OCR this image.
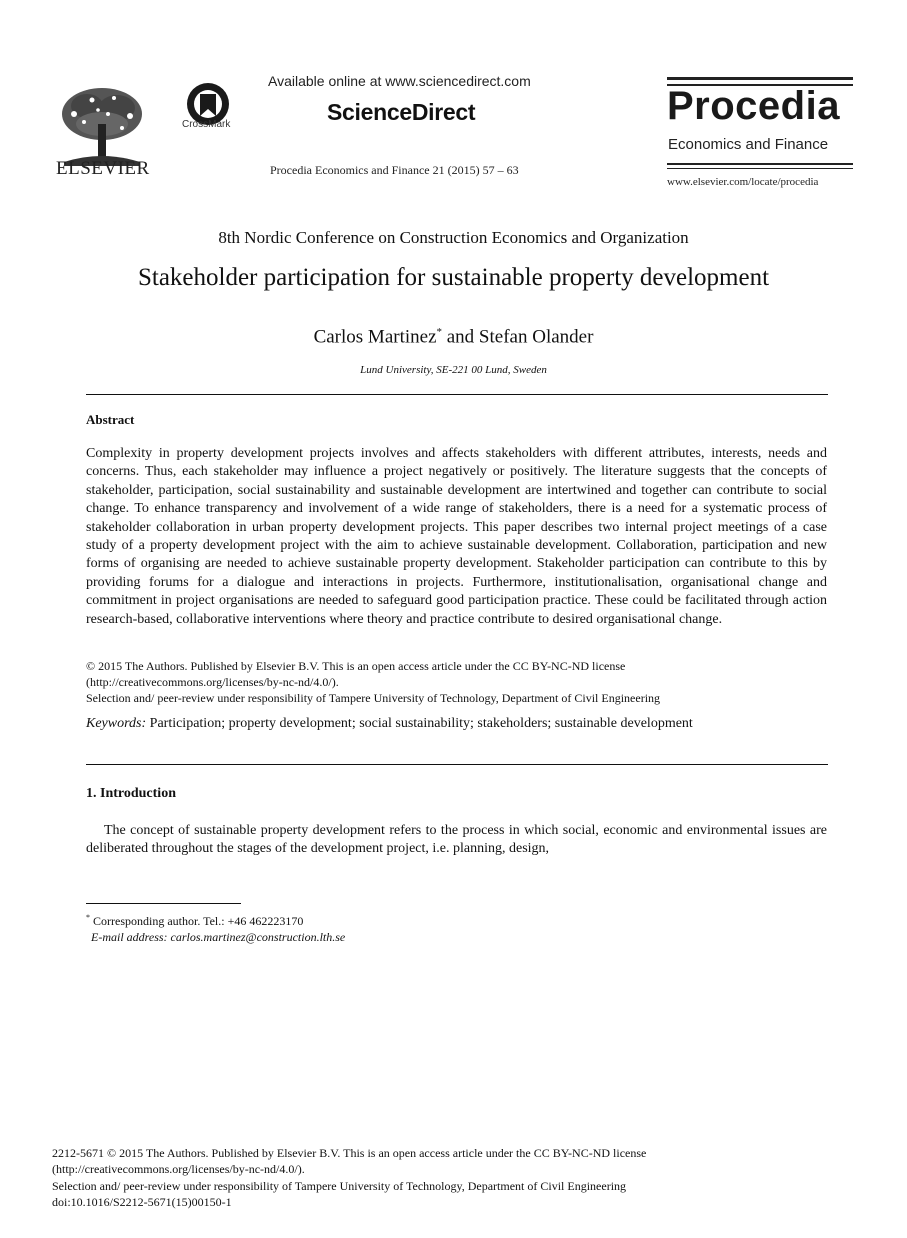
ELSEVIER
CrossMark
Available online at www.sciencedirect.com
ScienceDirect
Procedia Economics and Finance 21 (2015) 57 – 63
Procedia
Economics and Finance
www.elsevier.com/locate/procedia
8th Nordic Conference on Construction Economics and Organization
Stakeholder participation for sustainable property development
Carlos Martinez* and Stefan Olander
Lund University, SE-221 00 Lund, Sweden
Abstract
Complexity in property development projects involves and affects stakeholders with different attributes, interests, needs and concerns. Thus, each stakeholder may influence a project negatively or positively. The literature suggests that the concepts of stakeholder, participation, social sustainability and sustainable development are intertwined and together can contribute to social change. To enhance transparency and involvement of a wide range of stakeholders, there is a need for a systematic process of stakeholder collaboration in urban property development projects. This paper describes two internal project meetings of a case study of a property development project with the aim to achieve sustainable development. Collaboration, participation and new forms of organising are needed to achieve sustainable property development. Stakeholder participation can contribute to this by providing forums for a dialogue and interactions in projects. Furthermore, institutionalisation, organisational change and commitment in project organisations are needed to safeguard good participation practice. These could be facilitated through action research-based, collaborative interventions where theory and practice contribute to desired organisational change.
© 2015 The Authors. Published by Elsevier B.V. This is an open access article under the CC BY-NC-ND license
(http://creativecommons.org/licenses/by-nc-nd/4.0/).
Selection and/ peer-review under responsibility of Tampere University of Technology, Department of Civil Engineering
Keywords: Participation; property development; social sustainability; stakeholders; sustainable development
1. Introduction
The concept of sustainable property development refers to the process in which social, economic and environmental issues are deliberated throughout the stages of the development project, i.e. planning, design,
* Corresponding author. Tel.: +46 462223170
E-mail address: carlos.martinez@construction.lth.se
2212-5671 © 2015 The Authors. Published by Elsevier B.V. This is an open access article under the CC BY-NC-ND license
(http://creativecommons.org/licenses/by-nc-nd/4.0/).
Selection and/ peer-review under responsibility of Tampere University of Technology, Department of Civil Engineering
doi:10.1016/S2212-5671(15)00150-1
